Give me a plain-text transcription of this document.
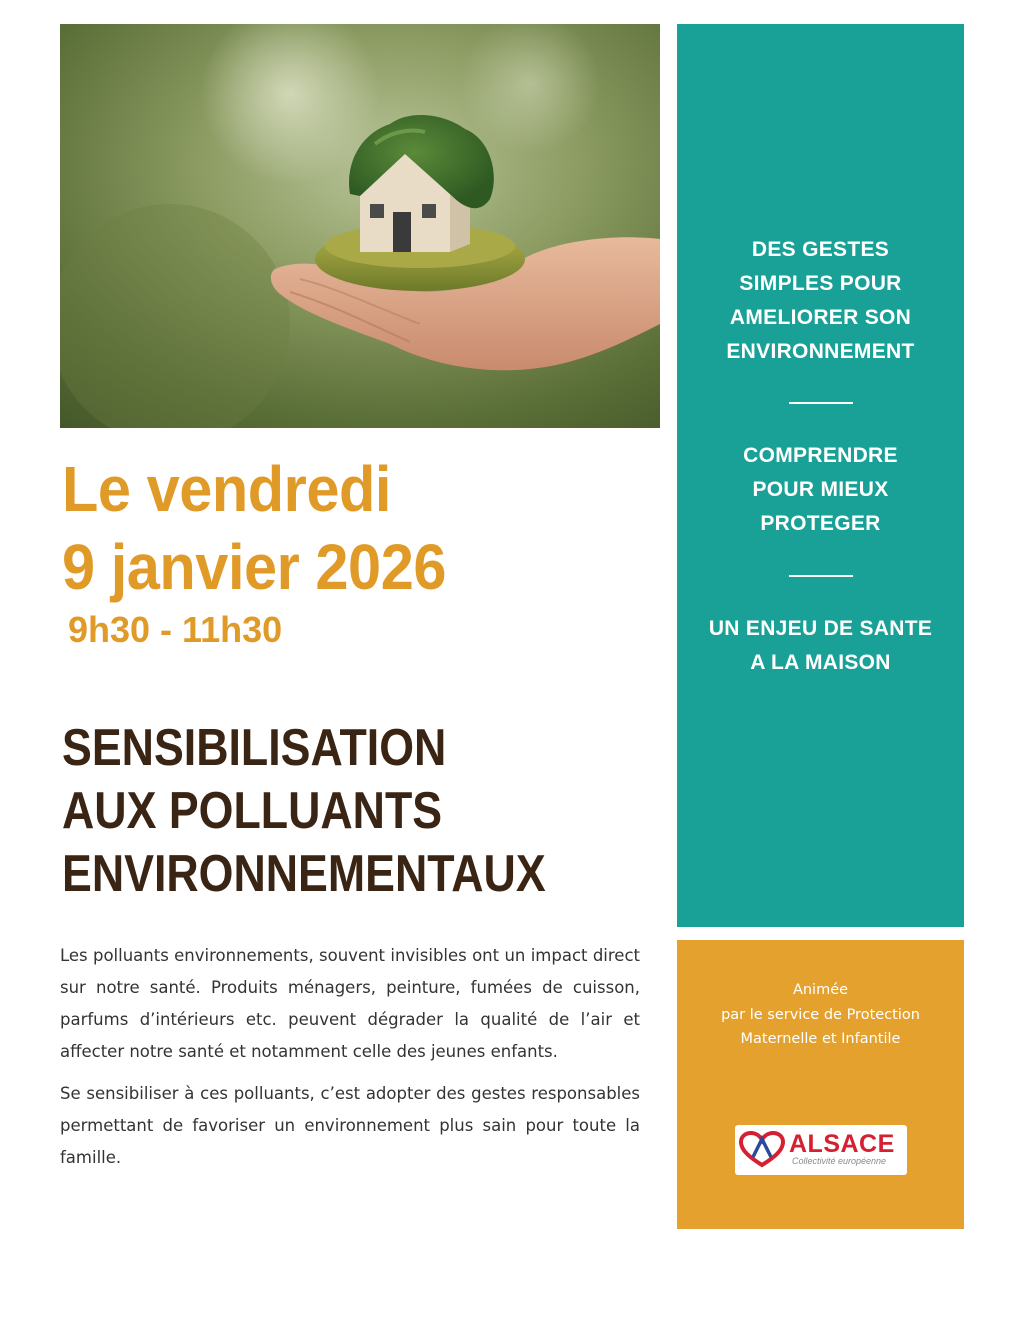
Le vendredi
9 janvier 2026
9h30 - 11h30
SENSIBILISATION
AUX POLLUANTS
ENVIRONNEMENTAUX

Les polluants environnements, souvent invisibles ont un impact direct sur notre santé. Produits ménagers, peinture, fumées de cuisson, parfums d’intérieurs etc. peuvent dégrader la qualité de l’air et affecter notre santé et notamment celle des jeunes enfants.

Se sensibiliser à ces polluants, c’est adopter des gestes responsables permettant de favoriser un environnement plus sain pour toute la famille.

DES GESTES
SIMPLES POUR
AMELIORER SON
ENVIRONNEMENT
COMPRENDRE
POUR MIEUX
PROTEGER
UN ENJEU DE SANTE
A LA MAISON
Animée
par le service de Protection
Maternelle et Infantile
ALSACE
Collectivité européenne
